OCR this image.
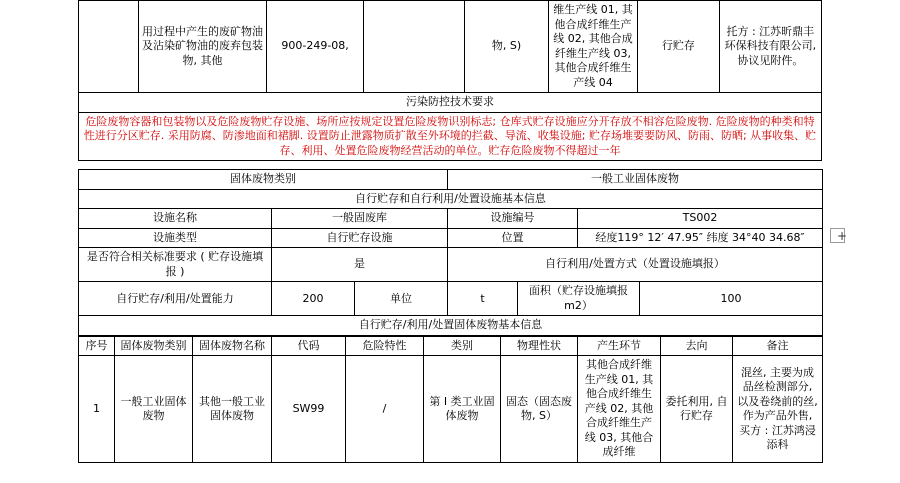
	用过程中产生的废矿物油及沾染矿物油的废弃包装物, 其他	900-249-08,		物, S)	维生产线 01, 其他合成纤维生产线 02, 其他合成纤维生产线 03, 其他合成纤维生产线 04	行贮存	托方 : 江苏昕鼎丰环保科技有限公司, 协议见附件。
污染防控技术要求
危险废物容器和包装物以及危险废物贮存设施、场所应按规定设置危险废物识别标志; 仓库式贮存设施应分开存放不相容危险废物. 危险废物的种类和特性进行分区贮存. 采用防腐、防渗地面和裙脚. 设置防止泄露物质扩散至外环境的拦截、导流、收集设施; 贮存场堆要要防风、防雨、防晒; 从事收集、贮存、利用、处置危险废物经营活动的单位。贮存危险废物不得超过一年
固体废物类别			一般工业固体废物			
自行贮存和自行利用/处置设施基本信息						
设施名称	一般固废库		设施编号		TS002	
设施类型	自行贮存设施		位置		经度119° 12′ 47.95″ 纬度 34°40 34.68″	
是否符合相关标准要求 ( 贮存设施填报 )	是		自行利用/处置方式（处置设施填报）			
自行贮存/利用/处置能力	200	单位	t	面积（贮存设施填报m2）		100
自行贮存/利用/处置固体废物基本信息						
序号	固体废物类别	固体废物名称	代码	危险特性	类别	物理性状	产生环节	去向	备注
1	一般工业固体废物	其他一般工业固体废物	SW99	/	第 I 类工业固体废物	固态（固态废物, S）	其他合成纤维生产线 01, 其他合成纤维生产线 02, 其他合成纤维生产线 03, 其他合成纤维	委托利用, 自行贮存	混丝, 主要为成品丝检测部分, 以及卷绕前的丝, 作为产品外售, 买方 : 江苏鸿浸添科
+
